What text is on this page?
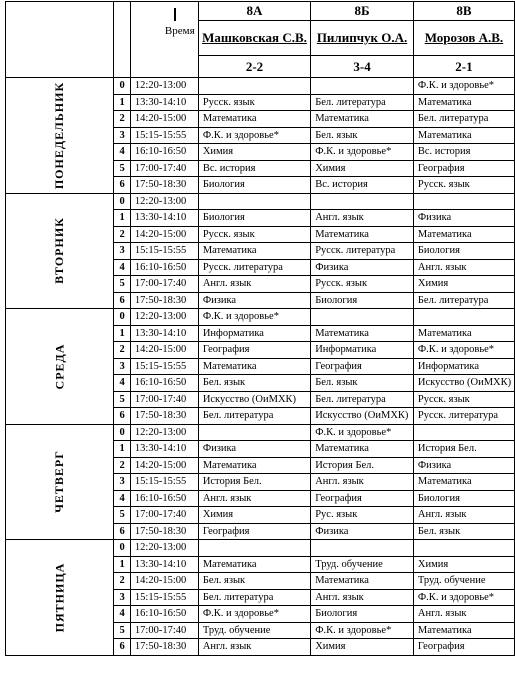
		Время	8А	8Б	8В
			Машковская С.В.	Пилипчук О.А.	Морозов А.В.
			2-2	3-4	2-1
ПОНЕДЕЛЬНИК	0	12:20-13:00			Ф.К. и здоровье*
	1	13:30-14:10	Русск. язык	Бел. литература	Математика
	2	14:20-15:00	Математика	Математика	Бел. литература
	3	15:15-15:55	Ф.К. и здоровье*	Бел. язык	Математика
	4	16:10-16:50	Химия	Ф.К. и здоровье*	Вс. история
	5	17:00-17:40	Вс. история	Химия	География
	6	17:50-18:30	Биология	Вс. история	Русск. язык
ВТОРНИК	0	12:20-13:00			
	1	13:30-14:10	Биология	Англ. язык	Физика
	2	14:20-15:00	Русск. язык	Математика	Математика
	3	15:15-15:55	Математика	Русск. литература	Биология
	4	16:10-16:50	Русск. литература	Физика	Англ. язык
	5	17:00-17:40	Англ. язык	Русск. язык	Химия
	6	17:50-18:30	Физика	Биология	Бел. литература
СРЕДА	0	12:20-13:00	Ф.К. и здоровье*		
	1	13:30-14:10	Информатика	Математика	Математика
	2	14:20-15:00	География	Информатика	Ф.К. и здоровье*
	3	15:15-15:55	Математика	География	Информатика
	4	16:10-16:50	Бел. язык	Бел. язык	Искусство (ОиМХК)
	5	17:00-17:40	Искусство (ОиМХК)	Бел. литература	Русск. язык
	6	17:50-18:30	Бел. литература	Искусство (ОиМХК)	Русск. литература
ЧЕТВЕРГ	0	12:20-13:00		Ф.К. и здоровье*	
	1	13:30-14:10	Физика	Математика	История Бел.
	2	14:20-15:00	Математика	История Бел.	Физика
	3	15:15-15:55	История Бел.	Англ. язык	Математика
	4	16:10-16:50	Англ. язык	География	Биология
	5	17:00-17:40	Химия	Рус. язык	Англ. язык
	6	17:50-18:30	География	Физика	Бел. язык
ПЯТНИЦА	0	12:20-13:00			
	1	13:30-14:10	Математика	Труд. обучение	Химия
	2	14:20-15:00	Бел. язык	Математика	Труд. обучение
	3	15:15-15:55	Бел. литература	Англ. язык	Ф.К. и здоровье*
	4	16:10-16:50	Ф.К. и здоровье*	Биология	Англ. язык
	5	17:00-17:40	Труд. обучение	Ф.К. и здоровье*	Математика
	6	17:50-18:30	Англ. язык	Химия	География
